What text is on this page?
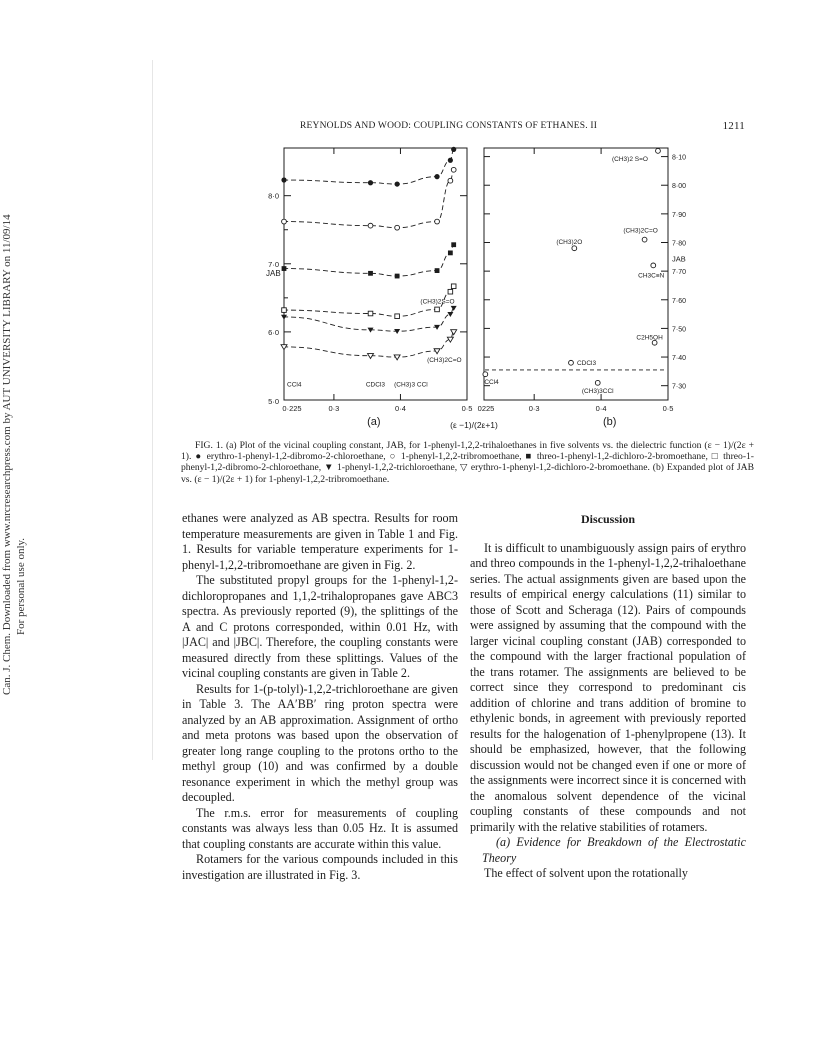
Can. J. Chem. Downloaded from www.nrcresearchpress.com by AUT UNIVERSITY LIBRARY on 11/09/14 For personal use only.
REYNOLDS AND WOOD: COUPLING CONSTANTS OF ETHANES. II	1211
0·225	0·3	0·4	0·5
5·0
6·0
7·0
8·0
JAB
CCl4	CDCl3 (CH3)3 CCl
(CH3)2S=O
(CH3)2C=O
(a)
0225	0·3	0·4	0·5
7·30
7·40
7·50
7·60
7·70
7·80
7·90
8·00
8·10
JAB
CCl4
CDCl3
(CH3)3CCl
C2H5OH
CH3C≡N
(CH3)2O
(CH3)2C=O
(CH3)2 S=O
(b)
(ε −1)/(2ε+1)
FIG. 1. (a) Plot of the vicinal coupling constant, JAB, for 1-phenyl-1,2,2-trihaloethanes in five solvents vs. the dielectric function (ε − 1)/(2ε + 1). ● erythro-1-phenyl-1,2-dibromo-2-chloroethane, ○ 1-phenyl-1,2,2-tribromoethane, ■ threo-1-phenyl-1,2-dichloro-2-bromoethane, □ threo-1-phenyl-1,2-dibromo-2-chloroethane, ▼ 1-phenyl-1,2,2-trichloroethane, ▽ erythro-1-phenyl-1,2-dichloro-2-bromoethane. (b) Expanded plot of JAB vs. (ε − 1)/(2ε + 1) for 1-phenyl-1,2,2-tribromoethane.

ethanes were analyzed as AB spectra. Results for room temperature measurements are given in Table 1 and Fig. 1. Results for variable temperature experiments for 1-phenyl-1,2,2-tribromoethane are given in Fig. 2.

The substituted propyl groups for the 1-phenyl-1,2-dichloropropanes and 1,1,2-trihalopropanes gave ABC3 spectra. As previously reported (9), the splittings of the A and C protons corresponded, within 0.01 Hz, with |JAC| and |JBC|. Therefore, the coupling constants were measured directly from these splittings. Values of the vicinal coupling constants are given in Table 2.

Results for 1-(p-tolyl)-1,2,2-trichloroethane are given in Table 3. The AA′BB′ ring proton spectra were analyzed by an AB approximation. Assignment of ortho and meta protons was based upon the observation of greater long range coupling to the protons ortho to the methyl group (10) and was confirmed by a double resonance experiment in which the methyl group was decoupled.

The r.m.s. error for measurements of coupling constants was always less than 0.05 Hz. It is assumed that coupling constants are accurate within this value.

Rotamers for the various compounds included in this investigation are illustrated in Fig. 3.

Discussion

It is difficult to unambiguously assign pairs of erythro and threo compounds in the 1-phenyl-1,2,2-trihaloethane series. The actual assignments given are based upon the results of empirical energy calculations (11) similar to those of Scott and Scheraga (12). Pairs of compounds were assigned by assuming that the compound with the larger vicinal coupling constant (JAB) corresponded to the compound with the larger fractional population of the trans rotamer. The assignments are believed to be correct since they correspond to predominant cis addition of chlorine and trans addition of bromine to ethylenic bonds, in agreement with previously reported results for the halogenation of 1-phenylpropene (13). It should be emphasized, however, that the following discussion would not be changed even if one or more of the assignments were incorrect since it is concerned with the anomalous solvent dependence of the vicinal coupling constants of these compounds and not primarily with the relative stabilities of rotamers.

(a) Evidence for Breakdown of the Electrostatic Theory

The effect of solvent upon the rotationally
